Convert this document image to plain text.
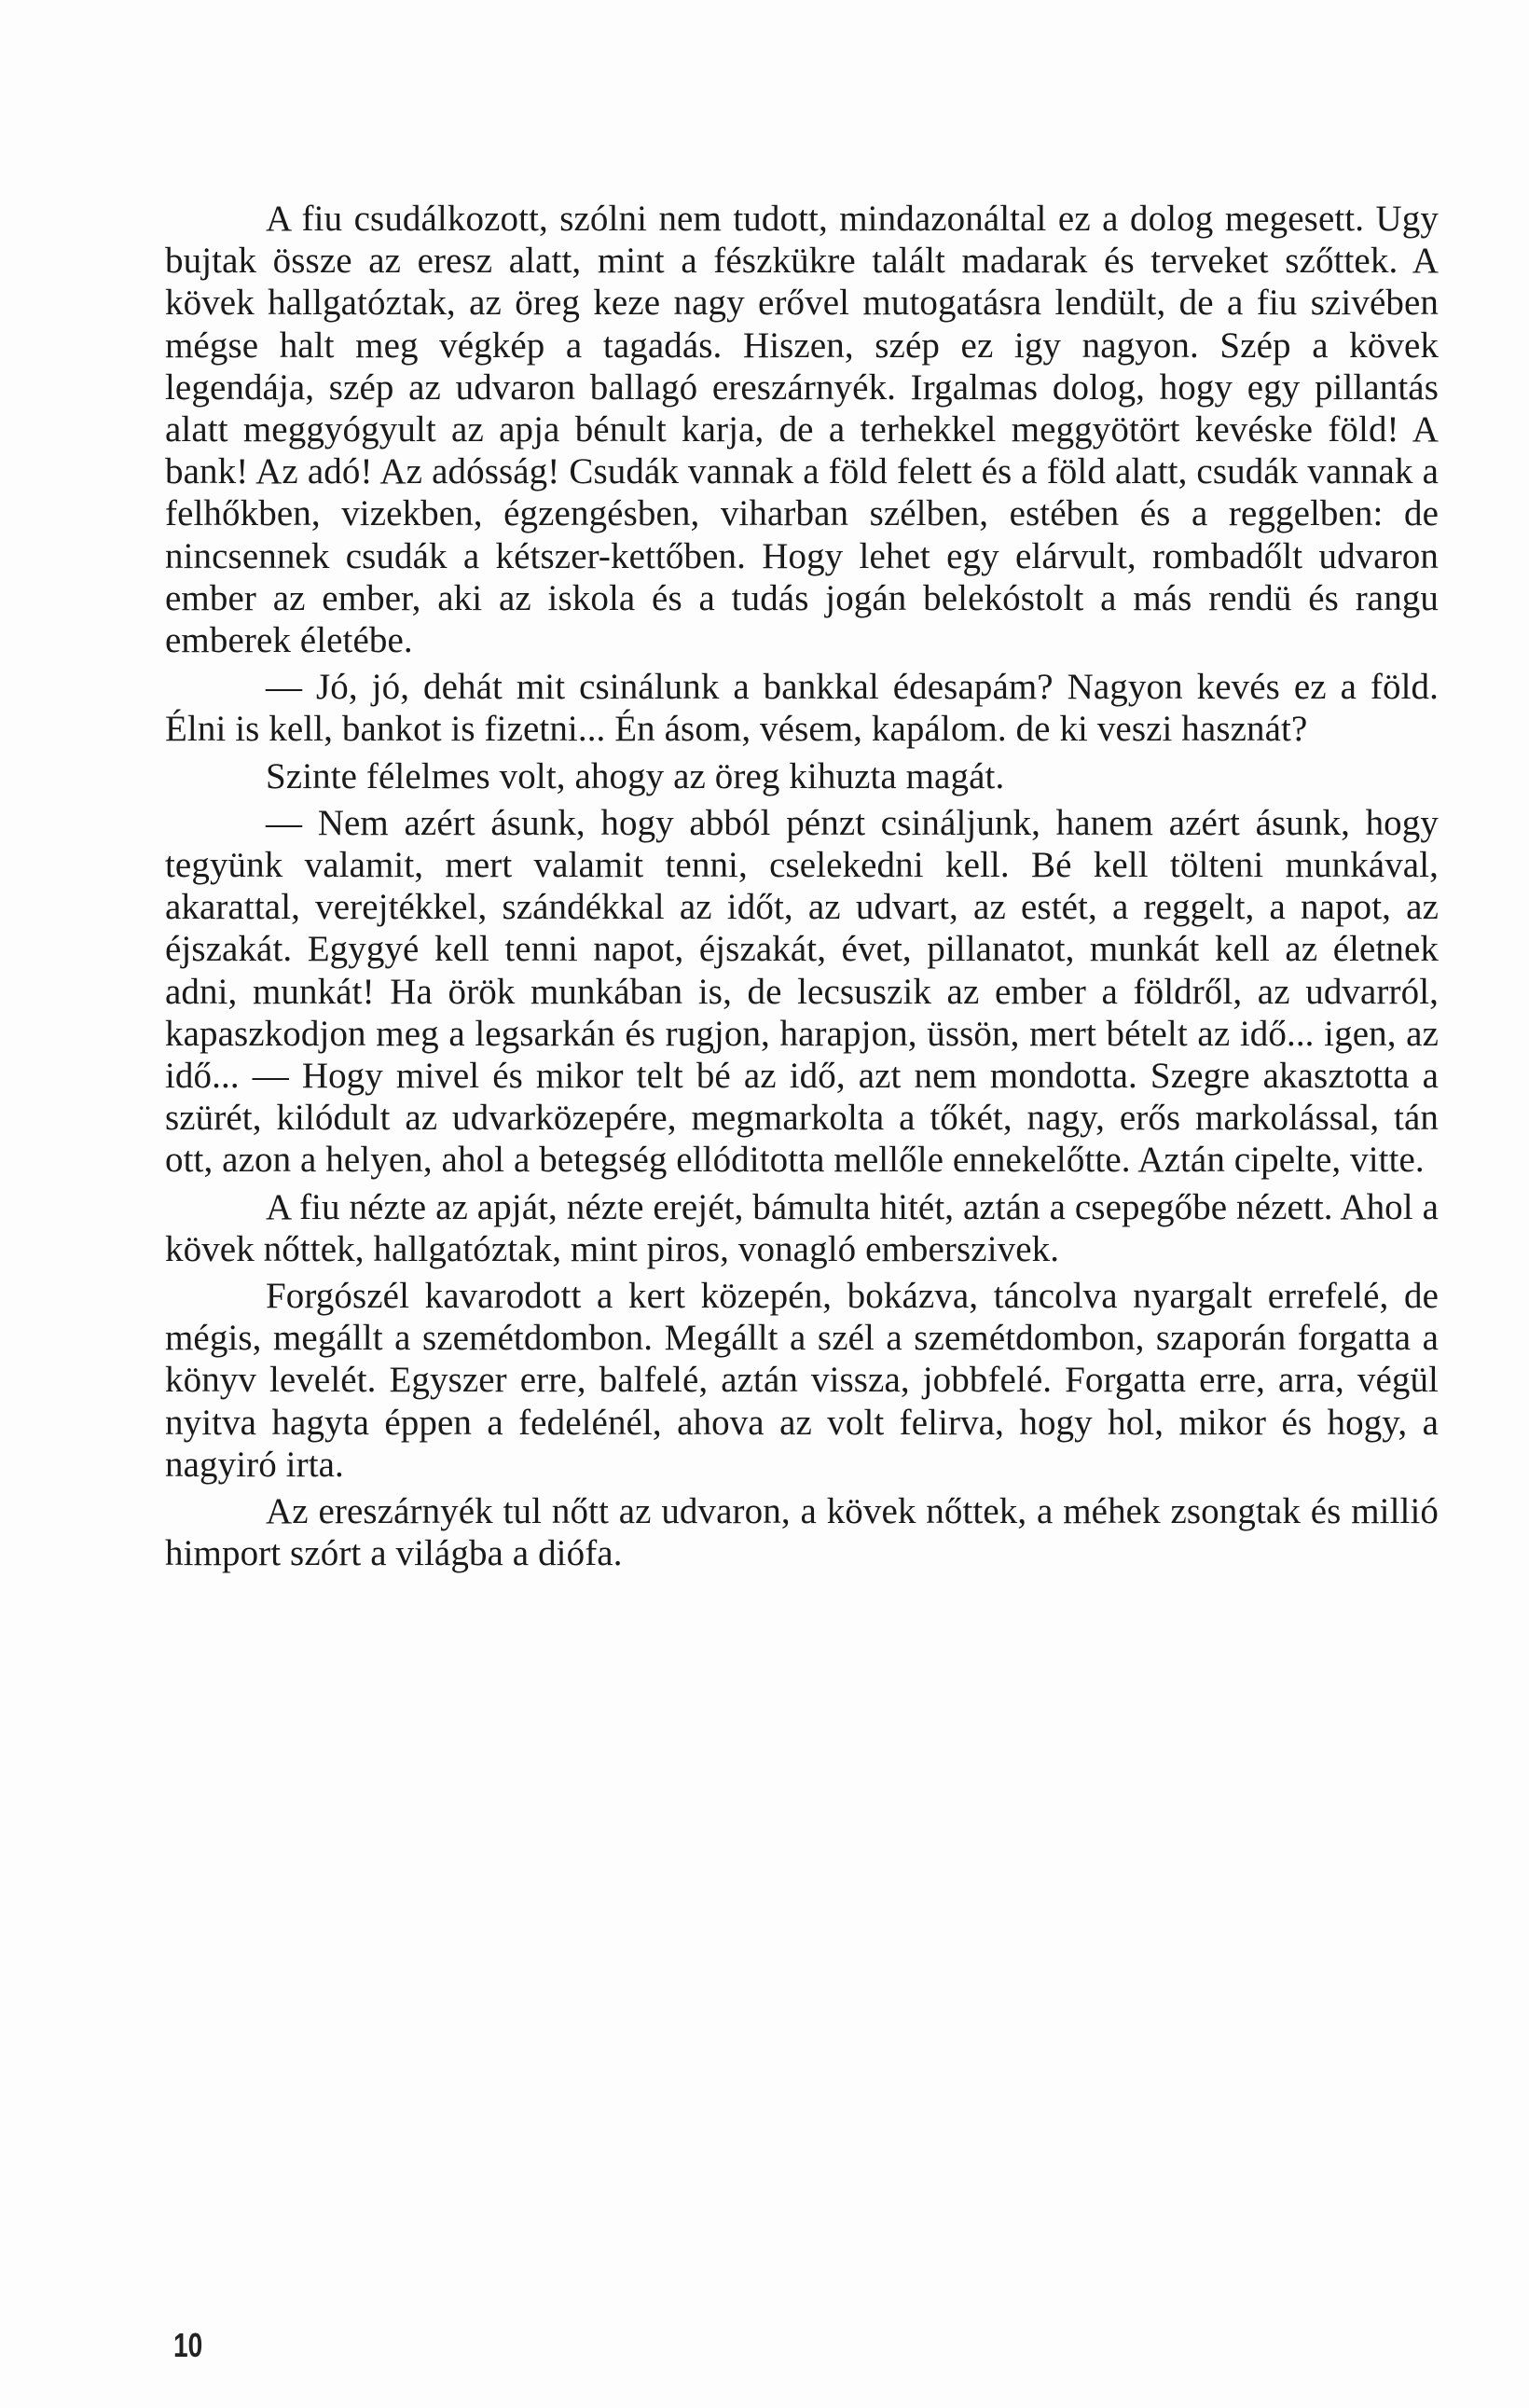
A fiu csudálkozott, szólni nem tudott, mindazonáltal ez a dolog megesett. Ugy bujtak össze az eresz alatt, mint a fészkükre talált madarak és terveket szőttek. A kövek hallgatóztak, az öreg keze nagy erővel mutogatásra lendült, de a fiu szivében mégse halt meg végkép a tagadás. Hiszen, szép ez igy nagyon. Szép a kövek legendája, szép az udvaron ballagó ereszárnyék. Irgalmas dolog, hogy egy pillantás alatt meggyógyult az apja bénult karja, de a terhekkel meggyötört kevéske föld! A bank! Az adó! Az adósság! Csudák vannak a föld felett és a föld alatt, csudák vannak a felhőkben, vizekben, égzengésben, viharban szélben, estében és a reggelben: de nincsennek csudák a kétszer-kettőben. Hogy lehet egy elárvult, rombadőlt udvaron ember az ember, aki az iskola és a tudás jogán belekóstolt a más rendü és rangu emberek életébe.

— Jó, jó, dehát mit csinálunk a bankkal édesapám? Nagyon kevés ez a föld. Élni is kell, bankot is fizetni... Én ásom, vésem, kapálom. de ki veszi hasznát?

Szinte félelmes volt, ahogy az öreg kihuzta magát.

— Nem azért ásunk, hogy abból pénzt csináljunk, hanem azért ásunk, hogy tegyünk valamit, mert valamit tenni, cselekedni kell. Bé kell tölteni munkával, akarattal, verejtékkel, szándékkal az időt, az udvart, az estét, a reggelt, a napot, az éjszakát. Egygyé kell tenni napot, éjszakát, évet, pillanatot, munkát kell az életnek adni, munkát! Ha örök munkában is, de lecsuszik az ember a földről, az udvarról, kapaszkodjon meg a legsarkán és rugjon, harapjon, üssön, mert bételt az idő... igen, az idő... — Hogy mivel és mikor telt bé az idő, azt nem mondotta. Szegre akasztotta a szürét, kilódult az udvarközepére, megmarkolta a tőkét, nagy, erős markolással, tán ott, azon a helyen, ahol a betegség ellóditotta mellőle ennekelőtte. Aztán cipelte, vitte.

A fiu nézte az apját, nézte erejét, bámulta hitét, aztán a csepegőbe nézett. Ahol a kövek nőttek, hallgatóztak, mint piros, vonagló emberszivek.

Forgószél kavarodott a kert közepén, bokázva, táncolva nyargalt errefelé, de mégis, megállt a szemétdombon. Megállt a szél a szemétdombon, szaporán forgatta a könyv levelét. Egyszer erre, balfelé, aztán vissza, jobbfelé. Forgatta erre, arra, végül nyitva hagyta éppen a fedelénél, ahova az volt felirva, hogy hol, mikor és hogy, a nagyiró irta.

Az ereszárnyék tul nőtt az udvaron, a kövek nőttek, a méhek zsongtak és millió himport szórt a világba a diófa.

10
